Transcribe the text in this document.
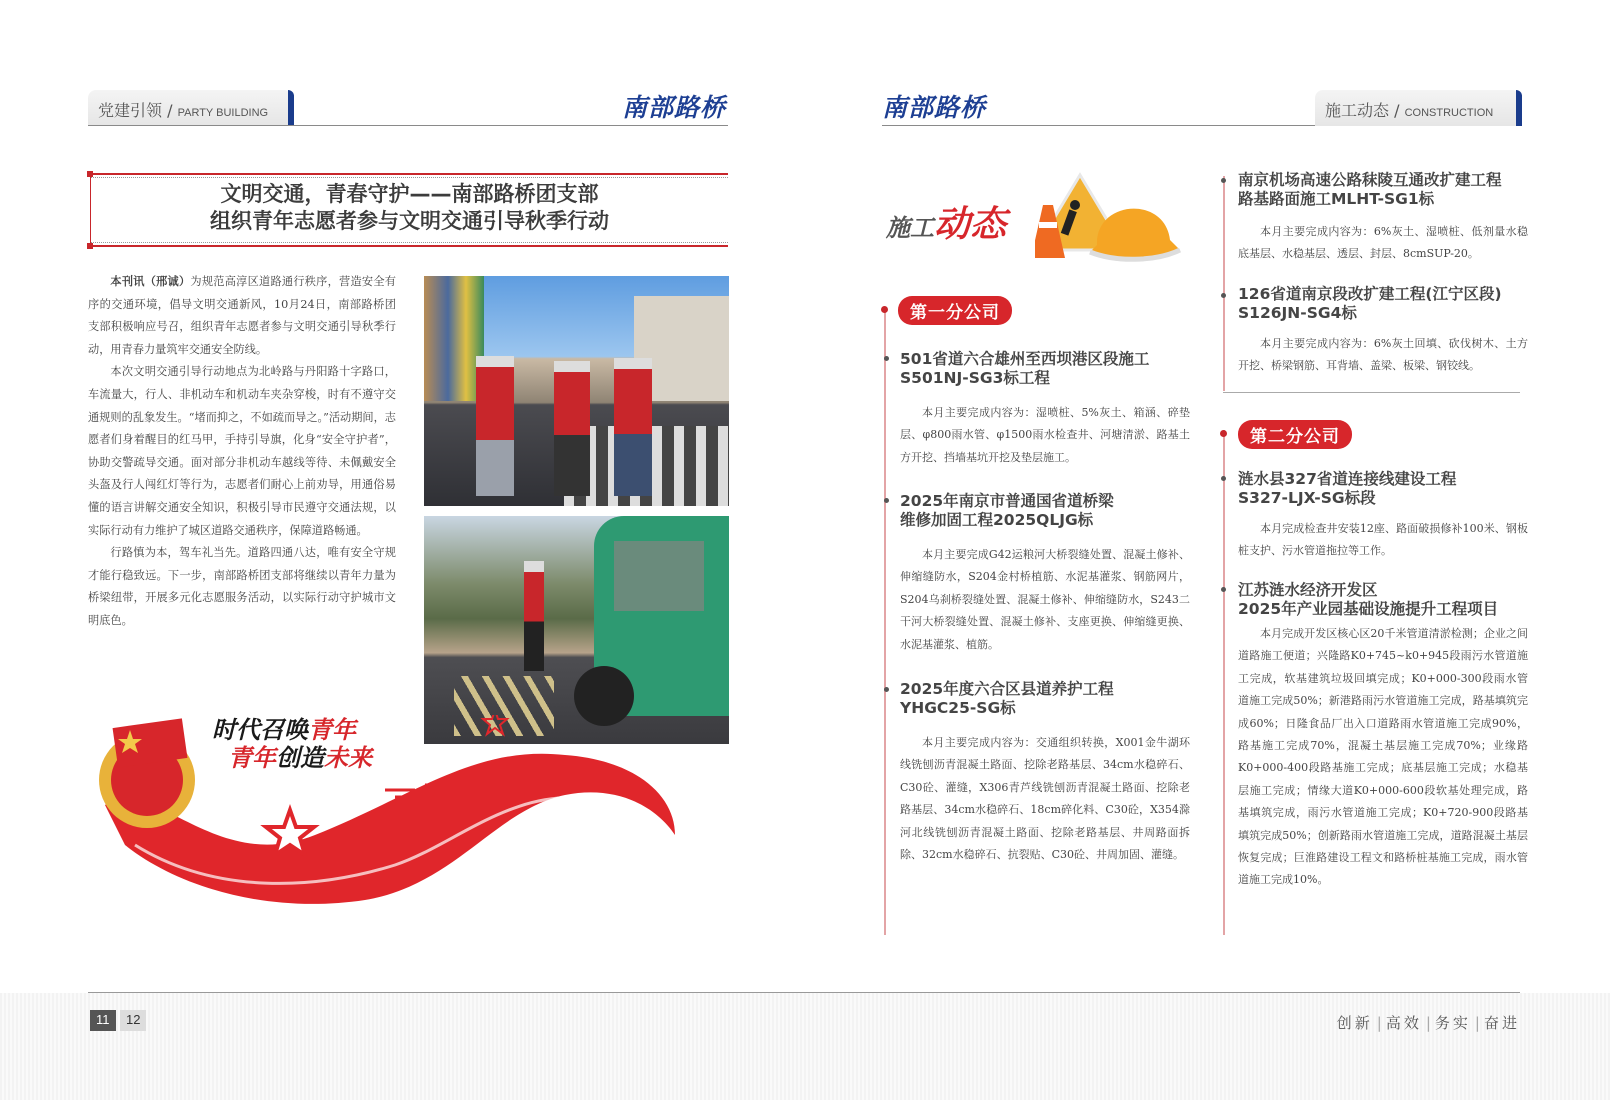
党建引领 / PARTY BUILDING	南部路桥	南部路桥	施工动态 / CONSTRUCTION
文明交通，青春守护——南部路桥团支部
组织青年志愿者参与文明交通引导秋季行动

本刊讯（邢诚）为规范高淳区道路通行秩序，营造安全有序的交通环境，倡导文明交通新风，10月24日，南部路桥团支部积极响应号召，组织青年志愿者参与文明交通引导秋季行动，用青春力量筑牢交通安全防线。

本次文明交通引导行动地点为北岭路与丹阳路十字路口，车流量大，行人、非机动车和机动车夹杂穿梭，时有不遵守交通规则的乱象发生。“堵而抑之，不如疏而导之。”活动期间，志愿者们身着醒目的红马甲，手持引导旗，化身“安全守护者”，协助交警疏导交通。面对部分非机动车越线等待、未佩戴安全头盔及行人闯红灯等行为，志愿者们耐心上前劝导，用通俗易懂的语言讲解交通安全知识，积极引导市民遵守交通法规，以实际行动有力维护了城区道路交通秩序，保障道路畅通。

行路慎为本，驾车礼当先。道路四通八达，唯有安全守规才能行稳致远。下一步，南部路桥团支部将继续以青年力量为桥梁纽带，开展多元化志愿服务活动，以实际行动守护城市文明底色。

时代召唤青年
青年创造未来
施工动态
第一分公司
501省道六合雄州至西坝港区段施工
S501NJ-SG3标工程

本月主要完成内容为：湿喷桩、5%灰土、箱涵、碎垫层、φ800雨水管、φ1500雨水检查井、河塘清淤、路基土方开挖、挡墙基坑开挖及垫层施工。

2025年南京市普通国省道桥梁
维修加固工程2025QLJG标

本月主要完成G42运粮河大桥裂缝处置、混凝土修补、伸缩缝防水，S204金村桥植筋、水泥基灌浆、钢筋网片，S204乌刹桥裂缝处置、混凝土修补、伸缩缝防水，S243二干河大桥裂缝处置、混凝土修补、支座更换、伸缩缝更换、水泥基灌浆、植筋。

2025年度六合区县道养护工程
YHGC25-SG标

本月主要完成内容为：交通组织转换，X001金牛湖环线铣刨沥青混凝土路面、挖除老路基层、34cm水稳碎石、C30砼、灌缝，X306青芦线铣刨沥青混凝土路面、挖除老路基层、34cm水稳碎石、18cm碎化料、C30砼，X354滁河北线铣刨沥青混凝土路面、挖除老路基层、井周路面拆除、32cm水稳碎石、抗裂贴、C30砼、井周加固、灌缝。

南京机场高速公路秣陵互通改扩建工程
路基路面施工MLHT-SG1标

本月主要完成内容为：6%灰土、湿喷桩、低剂量水稳底基层、水稳基层、透层、封层、8cmSUP-20。

126省道南京段改扩建工程(江宁区段)
S126JN-SG4标

本月主要完成内容为：6%灰土回填、砍伐树木、土方开挖、桥梁钢筋、耳背墙、盖梁、板梁、钢铰线。

第二分公司
涟水县327省道连接线建设工程
S327-LJX-SG标段

本月完成检查井安装12座、路面破损修补100米、钢板桩支护、污水管道拖拉等工作。

江苏涟水经济开发区
2025年产业园基础设施提升工程项目

本月完成开发区核心区20千米管道清淤检测；企业之间道路施工便道；兴隆路K0+745~k0+945段雨污水管道施工完成，软基建筑垃圾回填完成；K0+000-300段雨水管道施工完成50%；新港路雨污水管道施工完成，路基填筑完成60%；日隆食品厂出入口道路雨水管道施工完成90%，路基施工完成70%，混凝土基层施工完成70%；业缘路K0+000-400段路基施工完成；底基层施工完成；水稳基层施工完成；情缘大道K0+000-600段软基处理完成，路基填筑完成，雨污水管道施工完成；K0+720-900段路基填筑完成50%；创新路雨水管道施工完成，道路混凝土基层恢复完成；巨淮路建设工程文和路桥桩基施工完成，雨水管道施工完成10%。

11	12	创新 | 高效 | 务实 | 奋进
